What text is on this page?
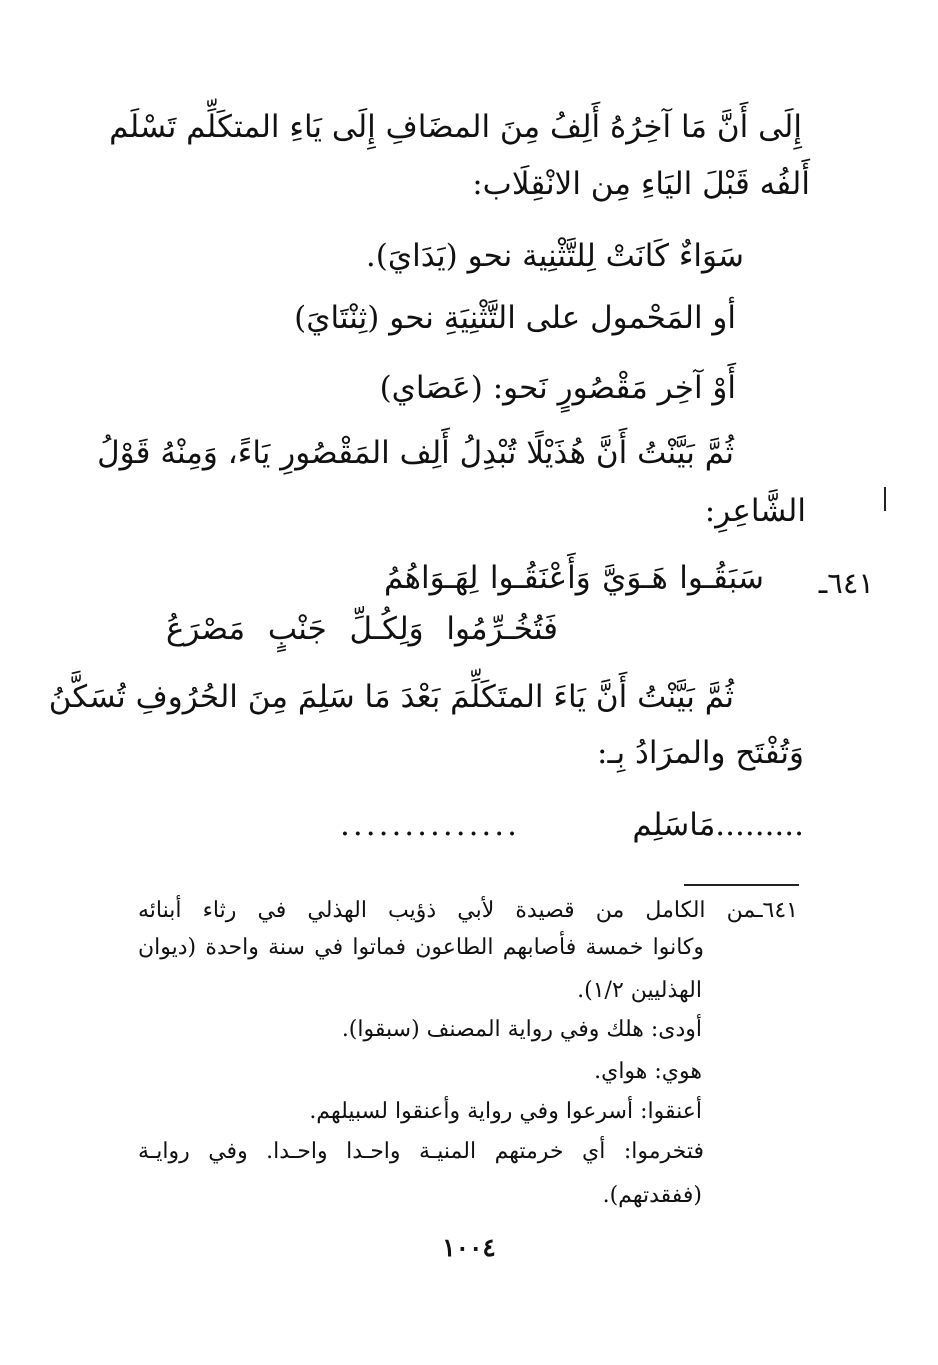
إِلَى أَنَّ مَا آخِرُهُ أَلِفُ مِنَ المضَافِ إِلَى يَاءِ المتكَلِّم تَسْلَم
أَلفُه قَبْلَ اليَاءِ مِن الانْقِلَاب:
سَوَاءٌ كَانَتْ لِلتَّثْنِية نحو (يَدَايَ).
أو المَحْمول على التَّثْنِيَةِ نحو (ثِنْتَايَ)
أَوْ آخِر مَقْصُورٍ نَحو: (عَصَاي)
ثُمَّ بَيَّنْتُ أَنَّ هُذَيْلًا تُبْدِلُ أَلِف المَقْصُورِ يَاءً، وَمِنْهُ قَوْلُ
الشَّاعِرِ:
٦٤١ـ
سَبَقُـوا هَـوَيَّ وَأَعْنَقُـوا لِهَـوَاهُمُ
فَتُخُـرِّمُوا وَلِكُـلِّ جَنْبٍ مَصْرَعُ
ثُمَّ بَيَّنْتُ أَنَّ يَاءَ المتَكَلِّمَ بَعْدَ مَا سَلِمَ مِنَ الحُرُوفِ تُسَكَّنُ
وَتُفْتَح والمرَادُ بِـ:
.........مَاسَلِم
..............
٦٤١ـمن الكامل من قصيدة لأبي ذؤيب الهذلي في رثاء أبنائه
وكانوا خمسة فأصابهم الطاعون فماتوا في سنة واحدة (ديوان
الهذليين ١/٢).
أودى: هلك وفي رواية المصنف (سبقوا).
هوي: هواي.
أعنقوا: أسرعوا وفي رواية وأعنقوا لسبيلهم.
فتخرموا: أي خرمتهم المنيـة واحـدا واحـدا. وفي روايـة
(ففقدتهم).
١٠٠٤
